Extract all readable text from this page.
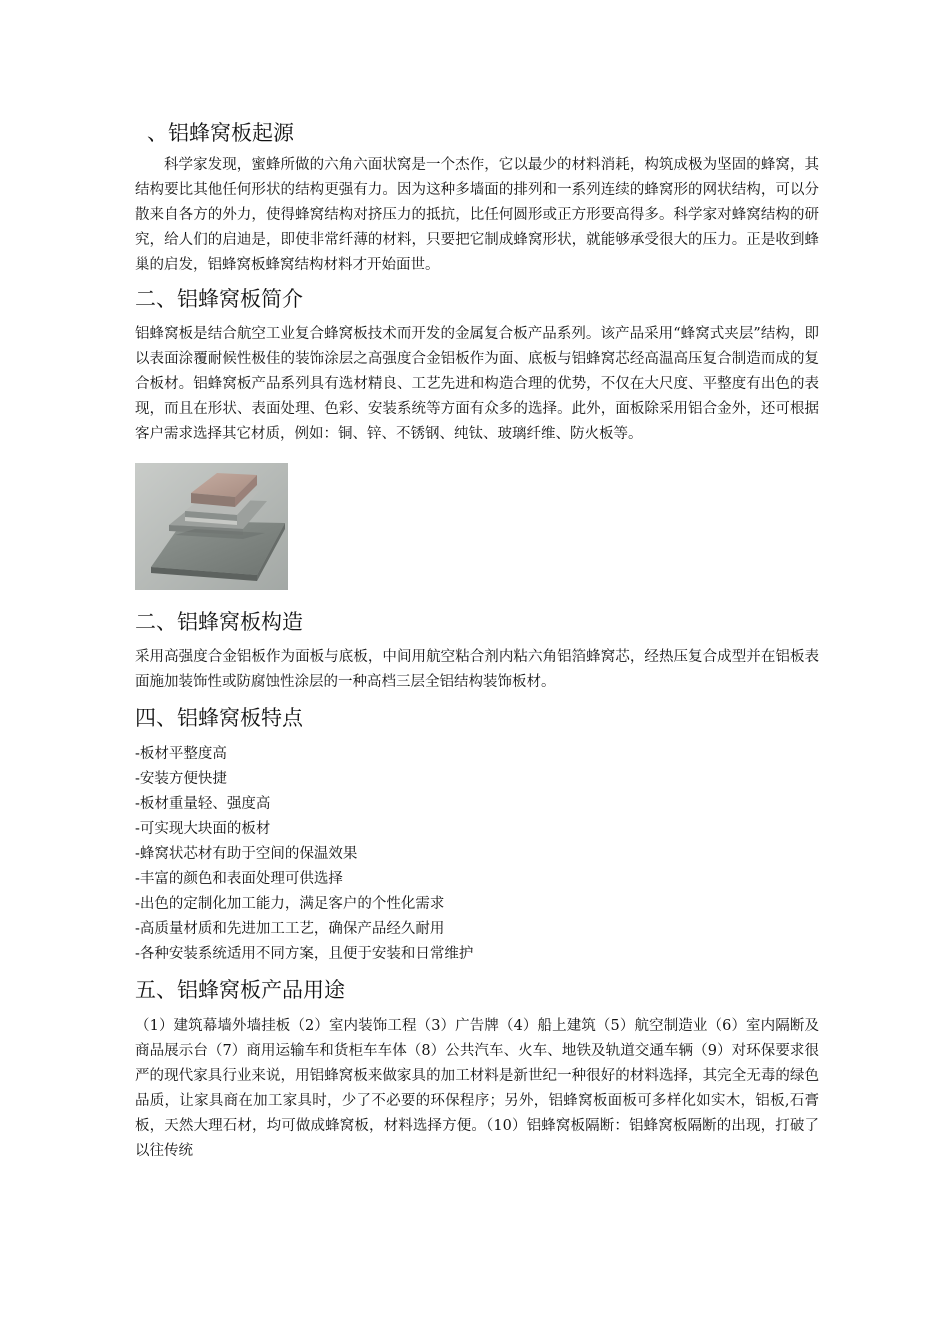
、铝蜂窝板起源

科学家发现，蜜蜂所做的六角六面状窝是一个杰作，它以最少的材料消耗，构筑成极为坚固的蜂窝，其结构要比其他任何形状的结构更强有力。因为这种多墙面的排列和一系列连续的蜂窝形的网状结构，可以分散来自各方的外力，使得蜂窝结构对挤压力的抵抗，比任何圆形或正方形要高得多。科学家对蜂窝结构的研究，给人们的启迪是，即使非常纤薄的材料，只要把它制成蜂窝形状，就能够承受很大的压力。正是收到蜂巢的启发，铝蜂窝板蜂窝结构材料才开始面世。

二、铝蜂窝板简介

铝蜂窝板是结合航空工业复合蜂窝板技术而开发的金属复合板产品系列。该产品采用“蜂窝式夹层”结构，即以表面涂覆耐候性极佳的装饰涂层之高强度合金铝板作为面、底板与铝蜂窝芯经高温高压复合制造而成的复合板材。铝蜂窝板产品系列具有选材精良、工艺先进和构造合理的优势，不仅在大尺度、平整度有出色的表现，而且在形状、表面处理、色彩、安装系统等方面有众多的选择。此外，面板除采用铝合金外，还可根据客户需求选择其它材质，例如：铜、锌、不锈钢、纯钛、玻璃纤维、防火板等。

二、铝蜂窝板构造

采用高强度合金铝板作为面板与底板，中间用航空粘合剂内粘六角铝箔蜂窝芯，经热压复合成型并在铝板表面施加装饰性或防腐蚀性涂层的一种高档三层全铝结构装饰板材。

四、铝蜂窝板特点
-板材平整度高
-安装方便快捷
-板材重量轻、强度高
-可实现大块面的板材
-蜂窝状芯材有助于空间的保温效果
-丰富的颜色和表面处理可供选择
-出色的定制化加工能力，满足客户的个性化需求
-高质量材质和先进加工工艺，确保产品经久耐用
-各种安装系统适用不同方案，且便于安装和日常维护
五、铝蜂窝板产品用途

（1）建筑幕墙外墙挂板（2）室内装饰工程（3）广告牌（4）船上建筑（5）航空制造业（6）室内隔断及商品展示台（7）商用运输车和货柜车车体（8）公共汽车、火车、地铁及轨道交通车辆（9）对环保要求很严的现代家具行业来说，用铝蜂窝板来做家具的加工材料是新世纪一种很好的材料选择，其完全无毒的绿色品质，让家具商在加工家具时，少了不必要的环保程序；另外，铝蜂窝板面板可多样化如实木，铝板,石膏板，天然大理石材，均可做成蜂窝板，材料选择方便。（10）铝蜂窝板隔断：铝蜂窝板隔断的出现，打破了以往传统
